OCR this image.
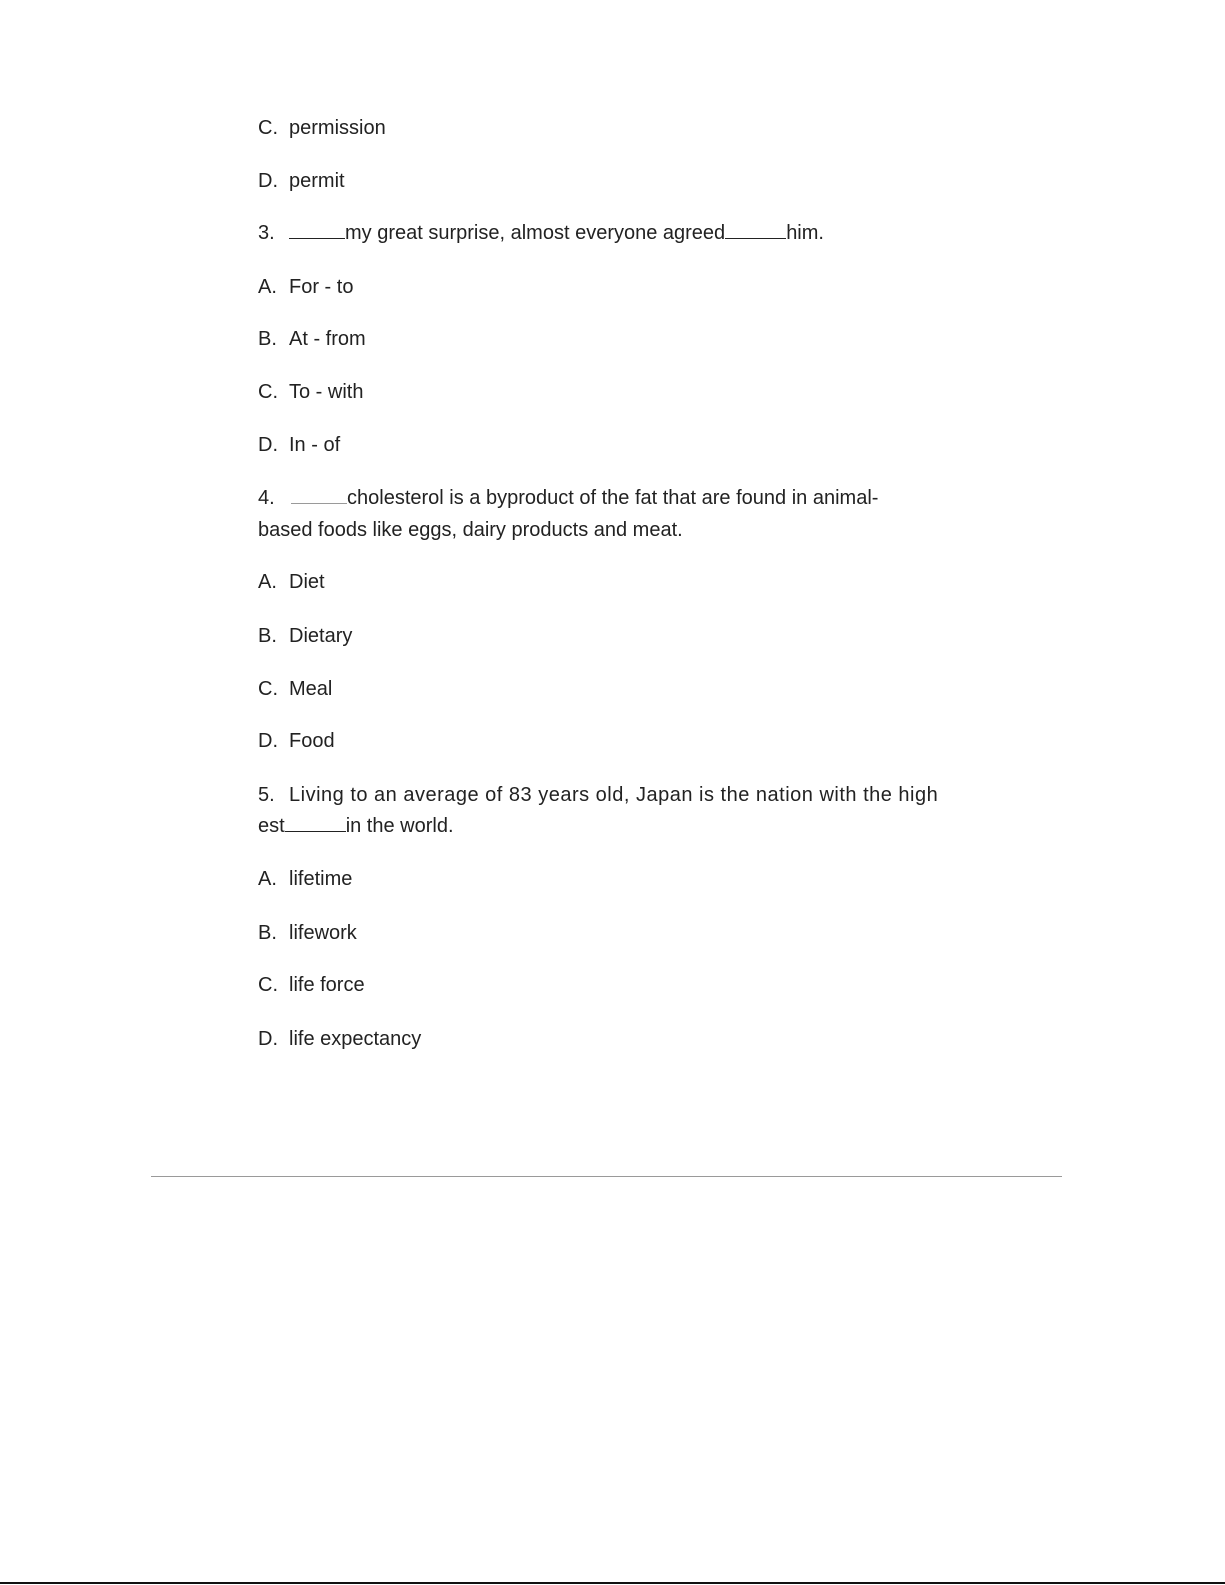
C. permission
D. permit
3.	my great surprise, almost everyone agreed	him.
A. For - to
B. At - from
C. To - with
D. In - of
4.	cholesterol is a byproduct of the fat that are found in animal-
based foods like eggs, dairy products and meat.
A. Diet
B. Dietary
C. Meal
D. Food
5. Living to an average of 83 years old, Japan is the nation with the high
est	in the world.
A. lifetime
B. lifework
C. life force
D. life expectancy
